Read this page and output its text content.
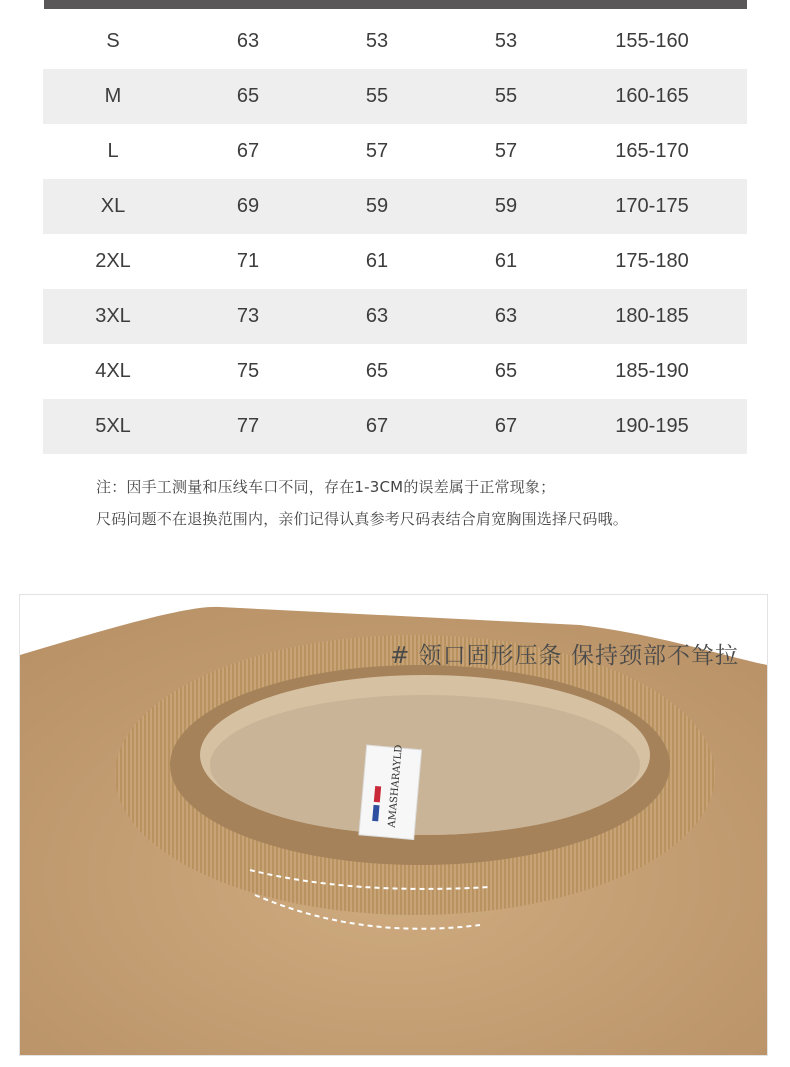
S	63	53	53	155-160
M	65	55	55	160-165
L	67	57	57	165-170
XL	69	59	59	170-175
2XL	71	61	61	175-180
3XL	73	63	63	180-185
4XL	75	65	65	185-190
5XL	77	67	67	190-195
注：因手工测量和压线车口不同，存在1-3CM的误差属于正常现象；
尺码问题不在退换范围内，亲们记得认真参考尺码表结合肩宽胸围选择尺码哦。
AMASHARAYLD
# 领口固形压条 保持颈部不耸拉
